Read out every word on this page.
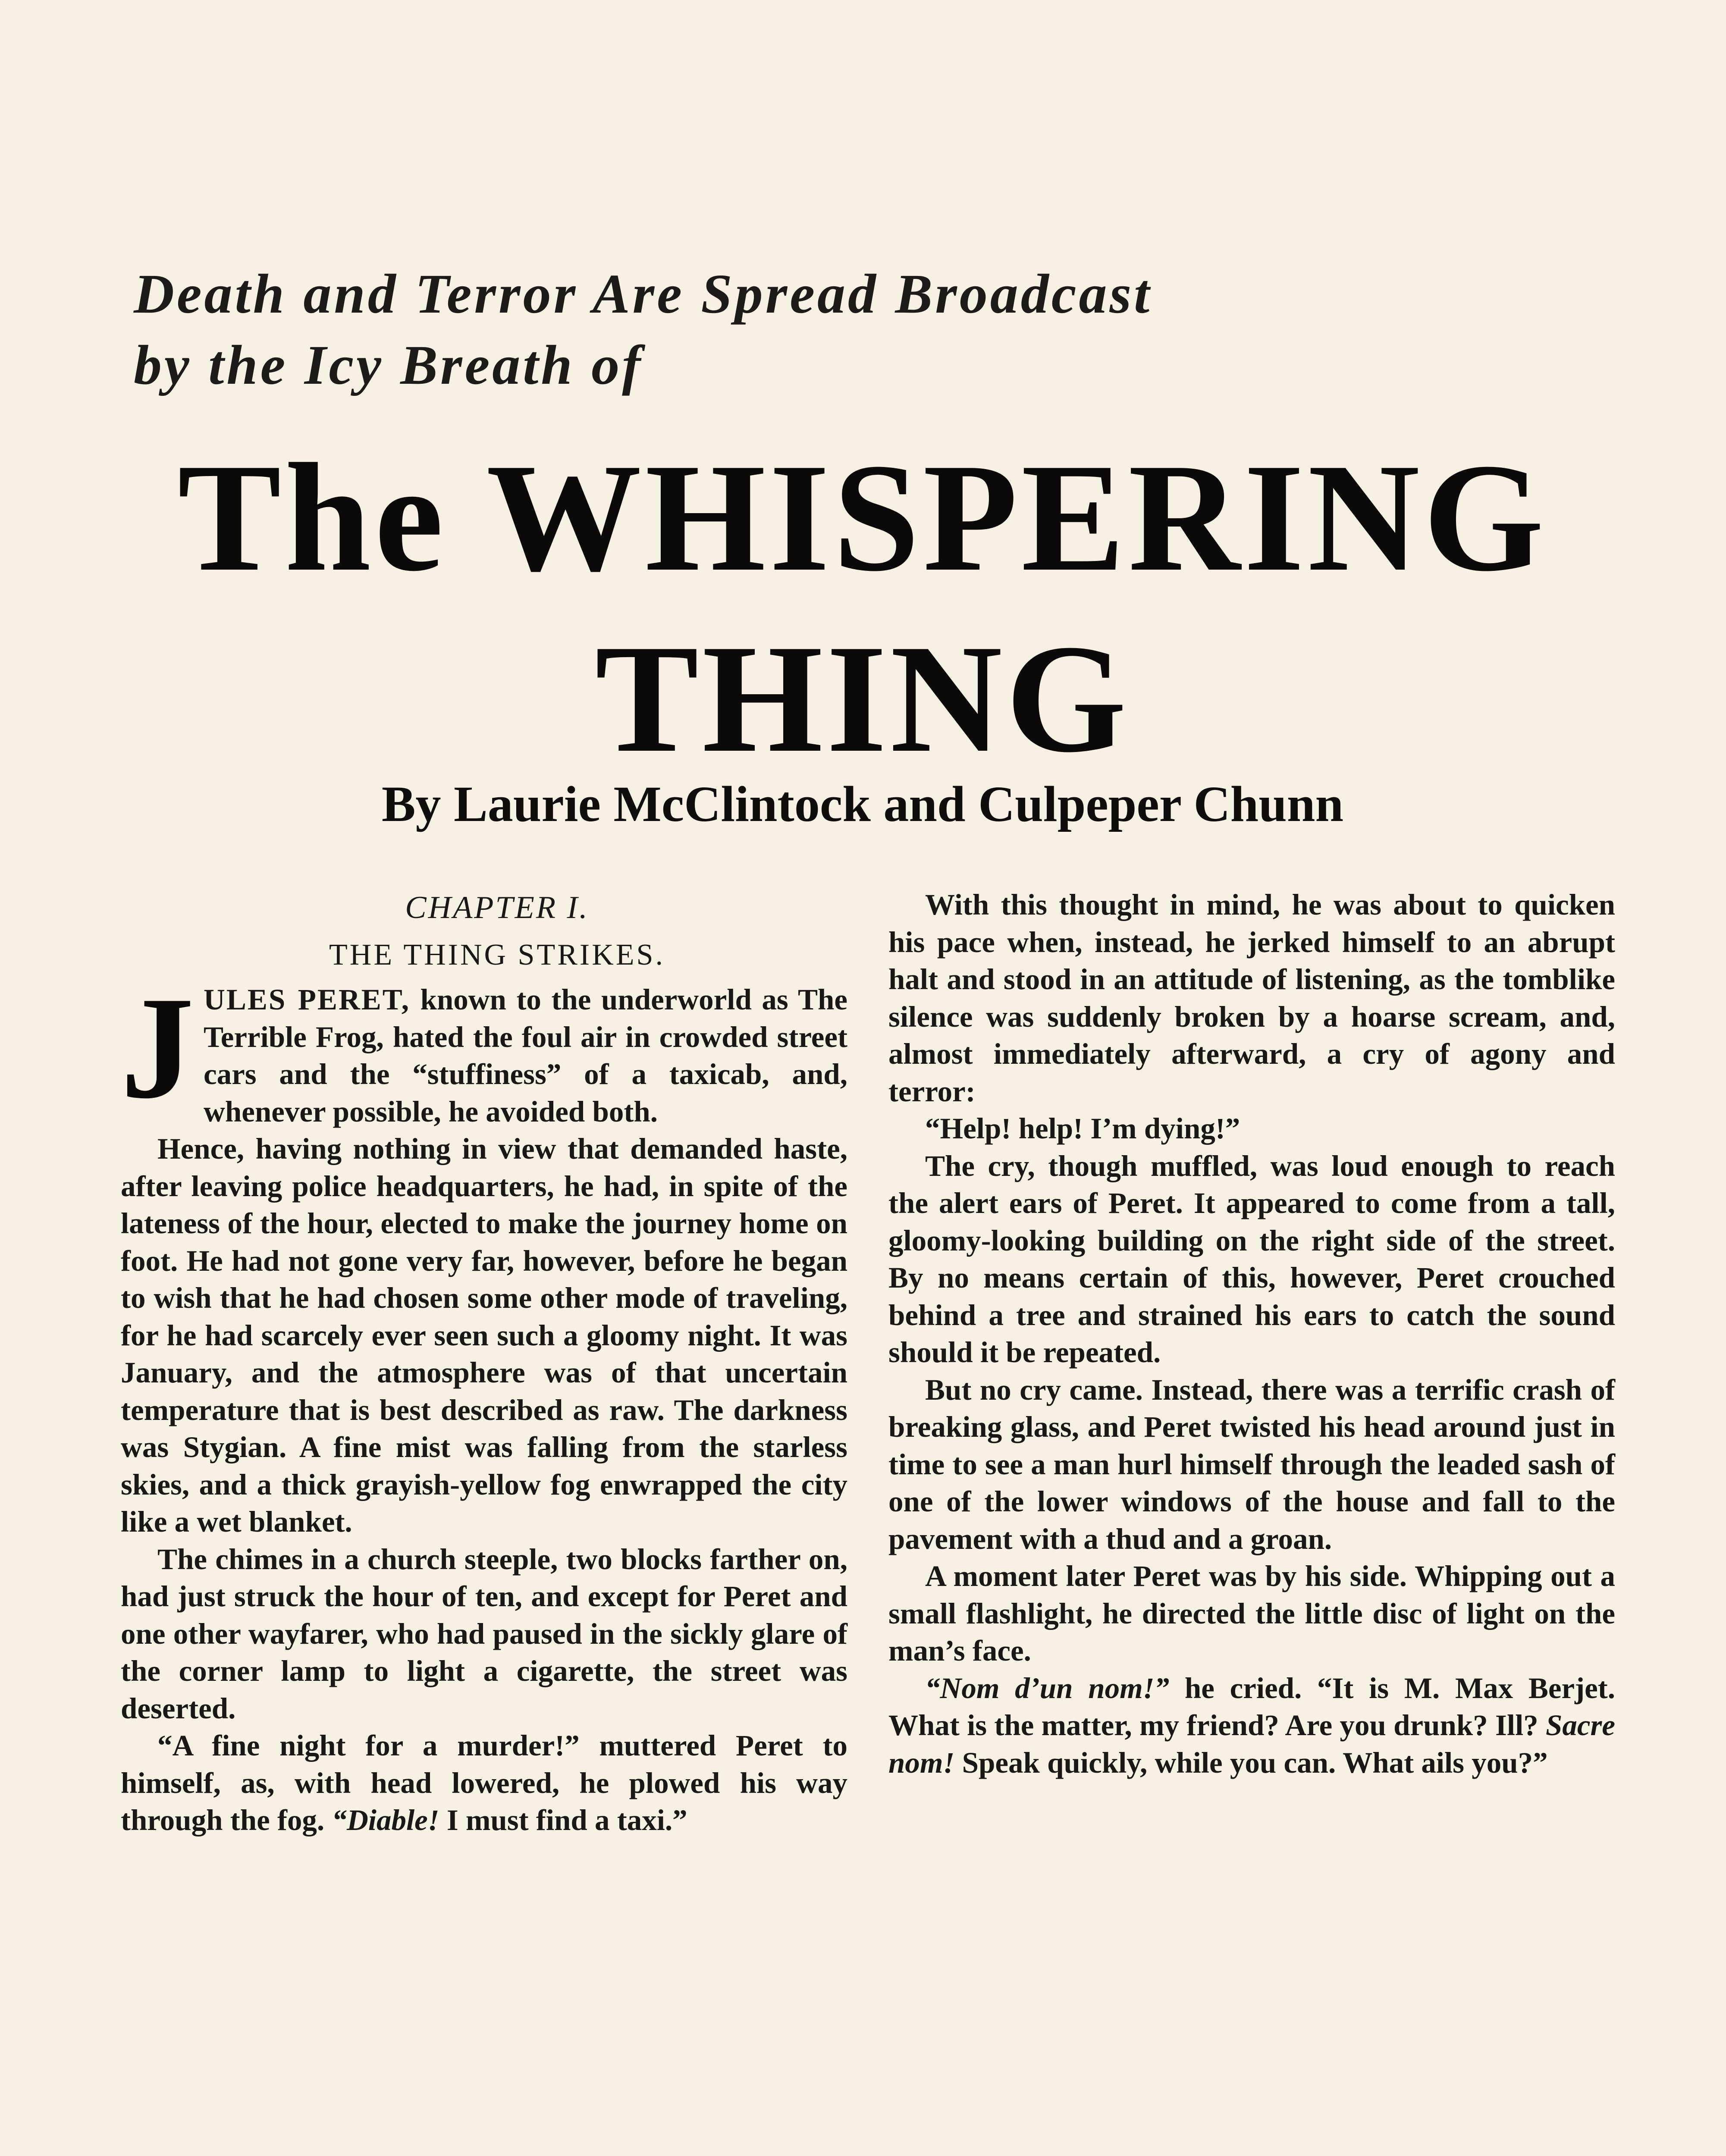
Death and Terror Are Spread Broadcast
by the Icy Breath of
The WHISPERING
THING
By Laurie McClintock and Culpeper Chunn
CHAPTER I.
THE THING STRIKES.

JULES PERET, known to the underworld as The Terrible Frog, hated the foul air in crowded street cars and the “stuffiness” of a taxicab, and, whenever possible, he avoided both.

Hence, having nothing in view that demanded haste, after leaving police headquarters, he had, in spite of the lateness of the hour, elected to make the journey home on foot. He had not gone very far, however, before he began to wish that he had chosen some other mode of traveling, for he had scarcely ever seen such a gloomy night. It was January, and the atmosphere was of that uncertain temperature that is best described as raw. The darkness was Stygian. A fine mist was falling from the starless skies, and a thick grayish-yellow fog enwrapped the city like a wet blanket.

The chimes in a church steeple, two blocks farther on, had just struck the hour of ten, and except for Peret and one other wayfarer, who had paused in the sickly glare of the corner lamp to light a cigarette, the street was deserted.

“A fine night for a murder!” muttered Peret to himself, as, with head lowered, he plowed his way through the fog. “Diable! I must find a taxi.”

With this thought in mind, he was about to quicken his pace when, instead, he jerked himself to an abrupt halt and stood in an attitude of listening, as the tomblike silence was suddenly broken by a hoarse scream, and, almost immediately afterward, a cry of agony and terror:

“Help! help! I’m dying!”

The cry, though muffled, was loud enough to reach the alert ears of Peret. It appeared to come from a tall, gloomy-looking building on the right side of the street. By no means certain of this, however, Peret crouched behind a tree and strained his ears to catch the sound should it be repeated.

But no cry came. Instead, there was a terrific crash of breaking glass, and Peret twisted his head around just in time to see a man hurl himself through the leaded sash of one of the lower windows of the house and fall to the pavement with a thud and a groan.

A moment later Peret was by his side. Whipping out a small flashlight, he directed the little disc of light on the man’s face.

“Nom d’un nom!” he cried. “It is M. Max Berjet. What is the matter, my friend? Are you drunk? Ill? Sacre nom! Speak quickly, while you can. What ails you?”
